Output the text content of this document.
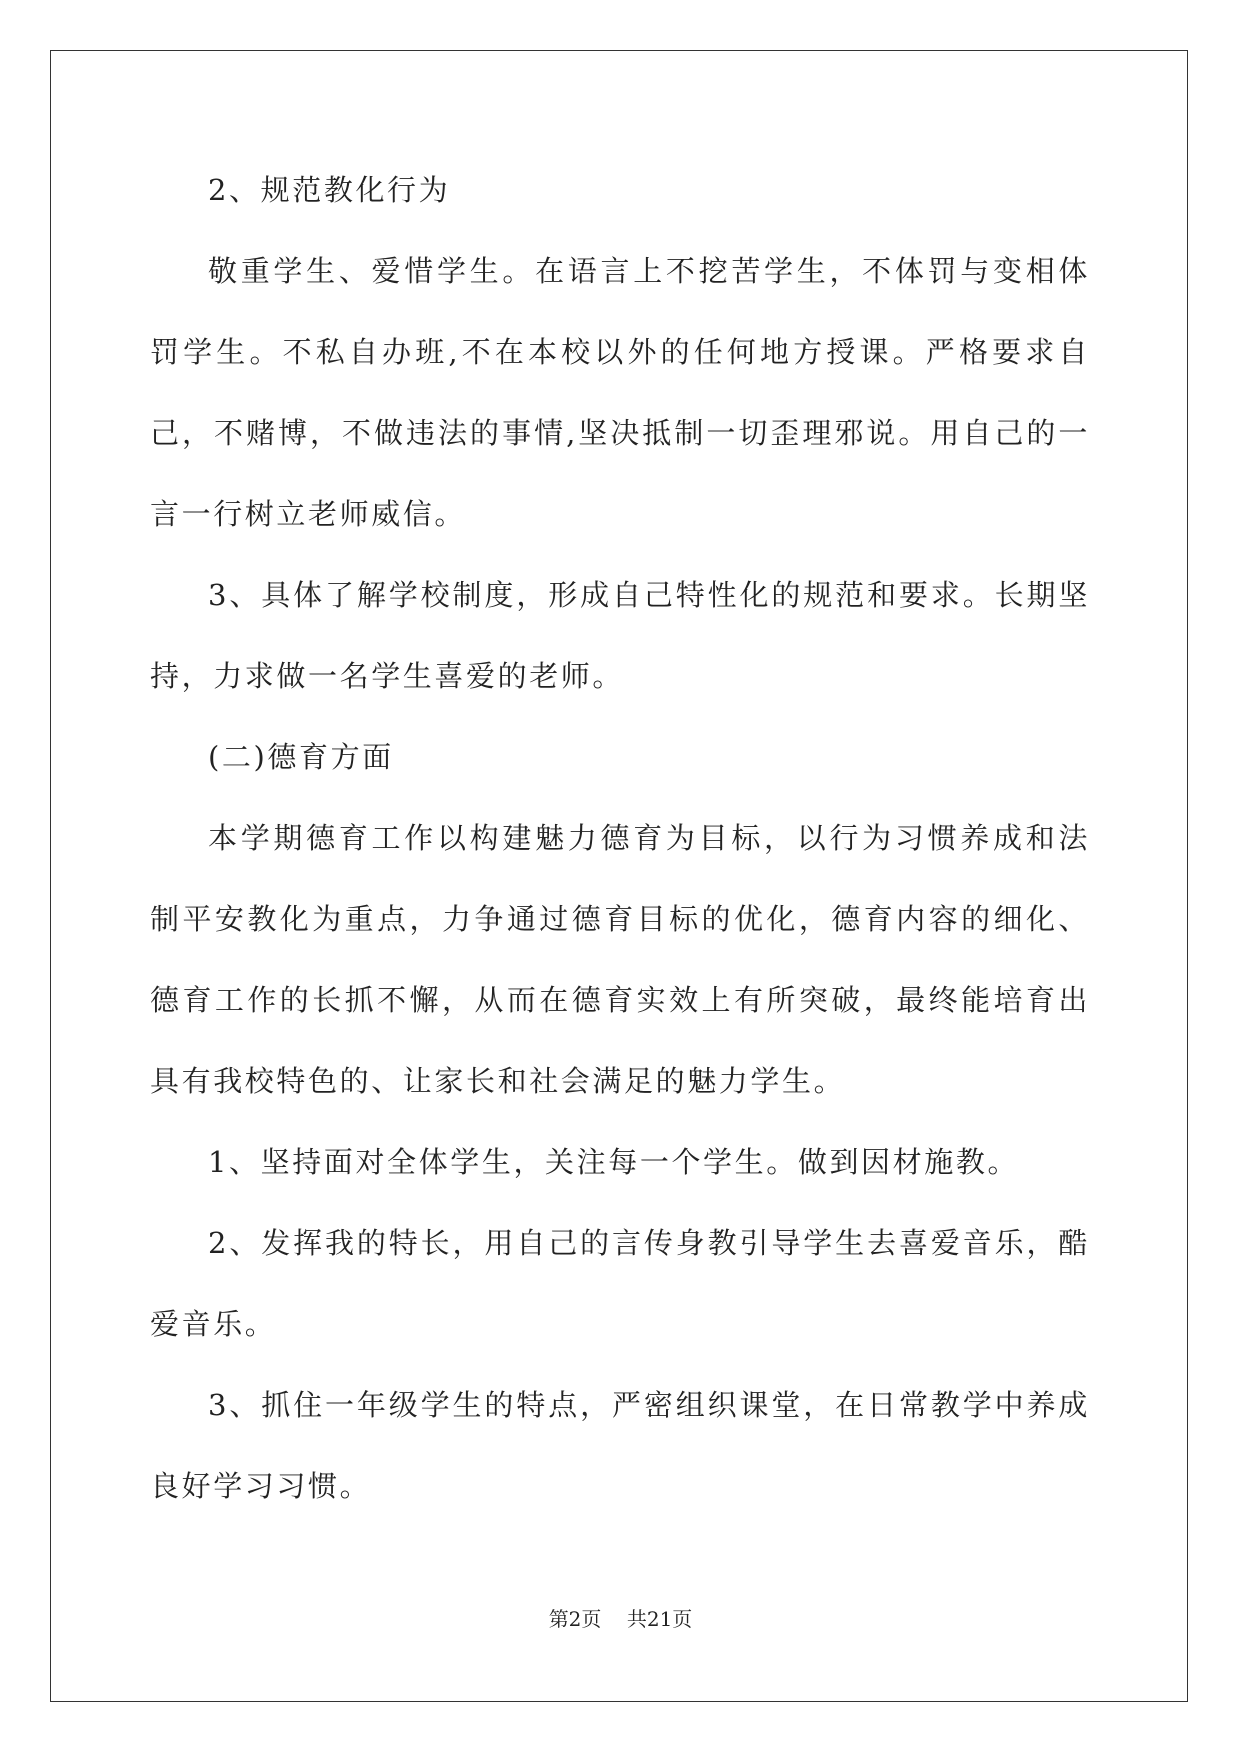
2、规范教化行为

敬重学生、爱惜学生。在语言上不挖苦学生，不体罚与变相体罚学生。不私自办班,不在本校以外的任何地方授课。严格要求自己，不赌博，不做违法的事情,坚决抵制一切歪理邪说。用自己的一言一行树立老师威信。

3、具体了解学校制度，形成自己特性化的规范和要求。长期坚持，力求做一名学生喜爱的老师。

(二)德育方面

本学期德育工作以构建魅力德育为目标，以行为习惯养成和法制平安教化为重点，力争通过德育目标的优化，德育内容的细化、德育工作的长抓不懈，从而在德育实效上有所突破，最终能培育出具有我校特色的、让家长和社会满足的魅力学生。

1、坚持面对全体学生，关注每一个学生。做到因材施教。

2、发挥我的特长，用自己的言传身教引导学生去喜爱音乐，酷爱音乐。

3、抓住一年级学生的特点，严密组织课堂，在日常教学中养成良好学习习惯。

第2页 共21页
